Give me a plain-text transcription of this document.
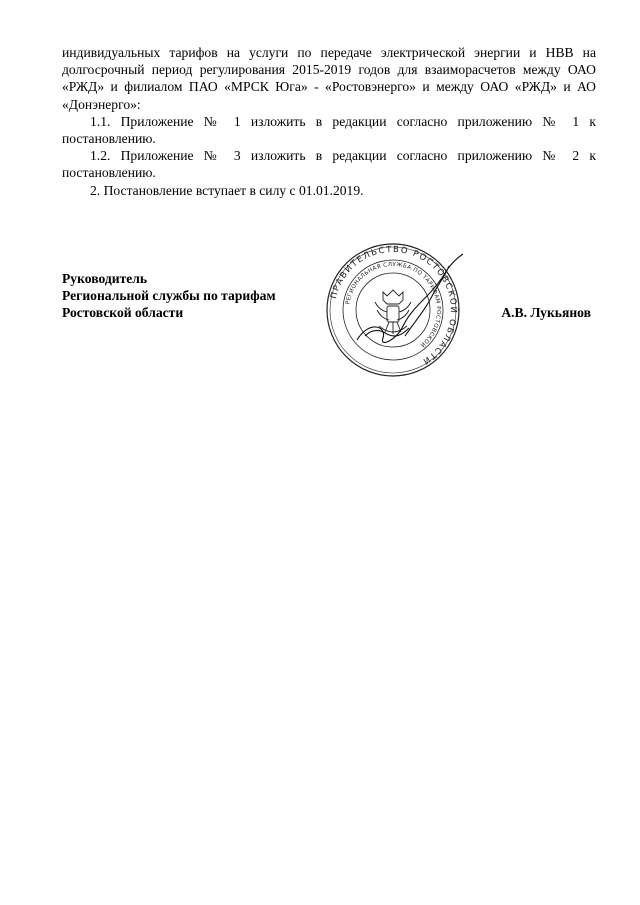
индивидуальных тарифов на услуги по передаче электрической энергии и НВВ на долгосрочный период регулирования 2015-2019 годов для взаиморасчетов между ОАО «РЖД» и филиалом ПАО «МРСК Юга» - «Ростовэнерго» и между ОАО «РЖД» и АО «Донэнерго»:

1.1. Приложение № 1 изложить в редакции согласно приложению № 1 к постановлению.

1.2. Приложение № 3 изложить в редакции согласно приложению № 2 к постановлению.

2. Постановление вступает в силу с 01.01.2019.

Руководитель
Региональной службы по тарифам
Ростовской области	А.В. Лукьянов
ПРАВИТЕЛЬСТВО РОСТОВСКОЙ ОБЛАСТИ
РЕГИОНАЛЬНАЯ СЛУЖБА ПО ТАРИФАМ РОСТОВСКОЙ
